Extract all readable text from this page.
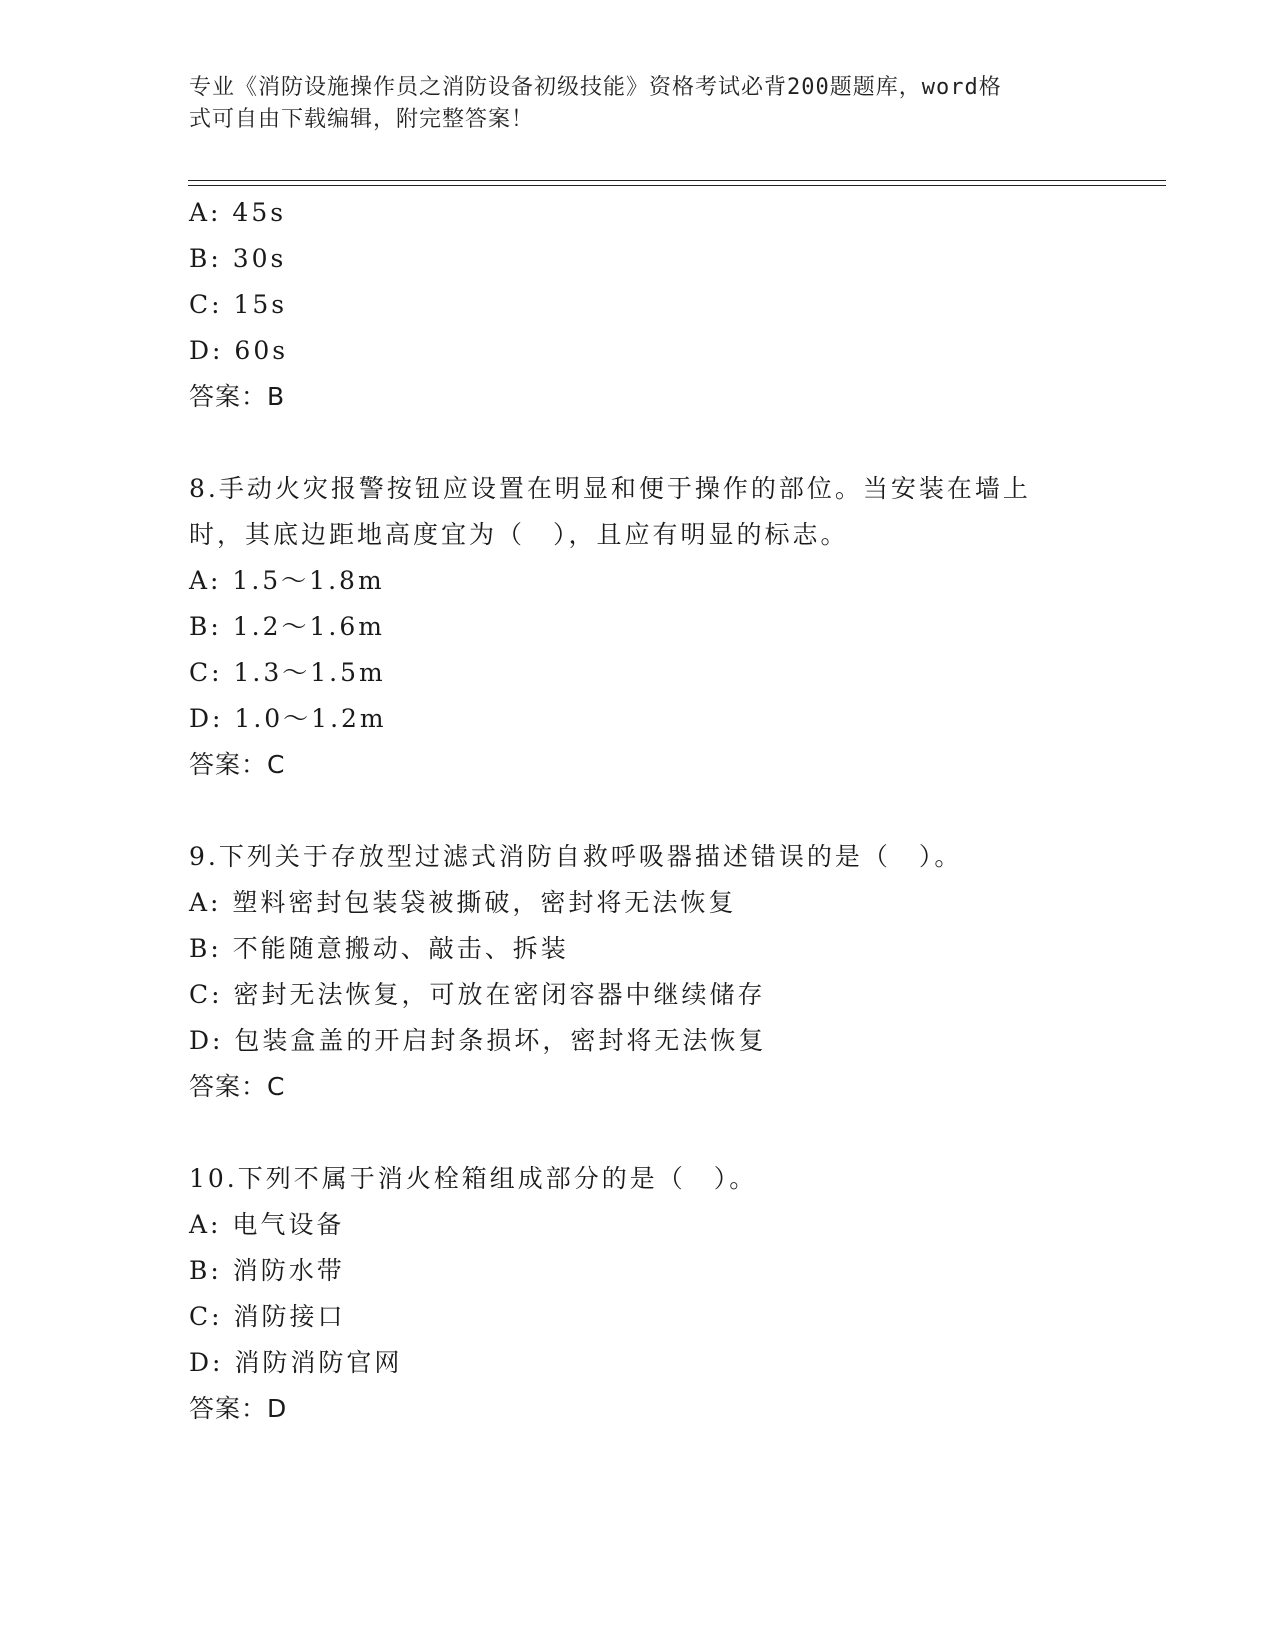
专业《消防设施操作员之消防设备初级技能》资格考试必背200题题库，word格
式可自由下载编辑，附完整答案！
A: 45s
B: 30s
C: 15s
D: 60s
答案：B
8.手动火灾报警按钮应设置在明显和便于操作的部位。当安装在墙上
时，其底边距地高度宜为（　），且应有明显的标志。
A: 1.5～1.8m
B: 1.2～1.6m
C: 1.3～1.5m
D: 1.0～1.2m
答案：C
9.下列关于存放型过滤式消防自救呼吸器描述错误的是（　）。
A: 塑料密封包装袋被撕破，密封将无法恢复
B: 不能随意搬动、敲击、拆装
C: 密封无法恢复，可放在密闭容器中继续储存
D: 包装盒盖的开启封条损坏，密封将无法恢复
答案：C
10.下列不属于消火栓箱组成部分的是（　）。
A: 电气设备
B: 消防水带
C: 消防接口
D: 消防消防官网
答案：D
